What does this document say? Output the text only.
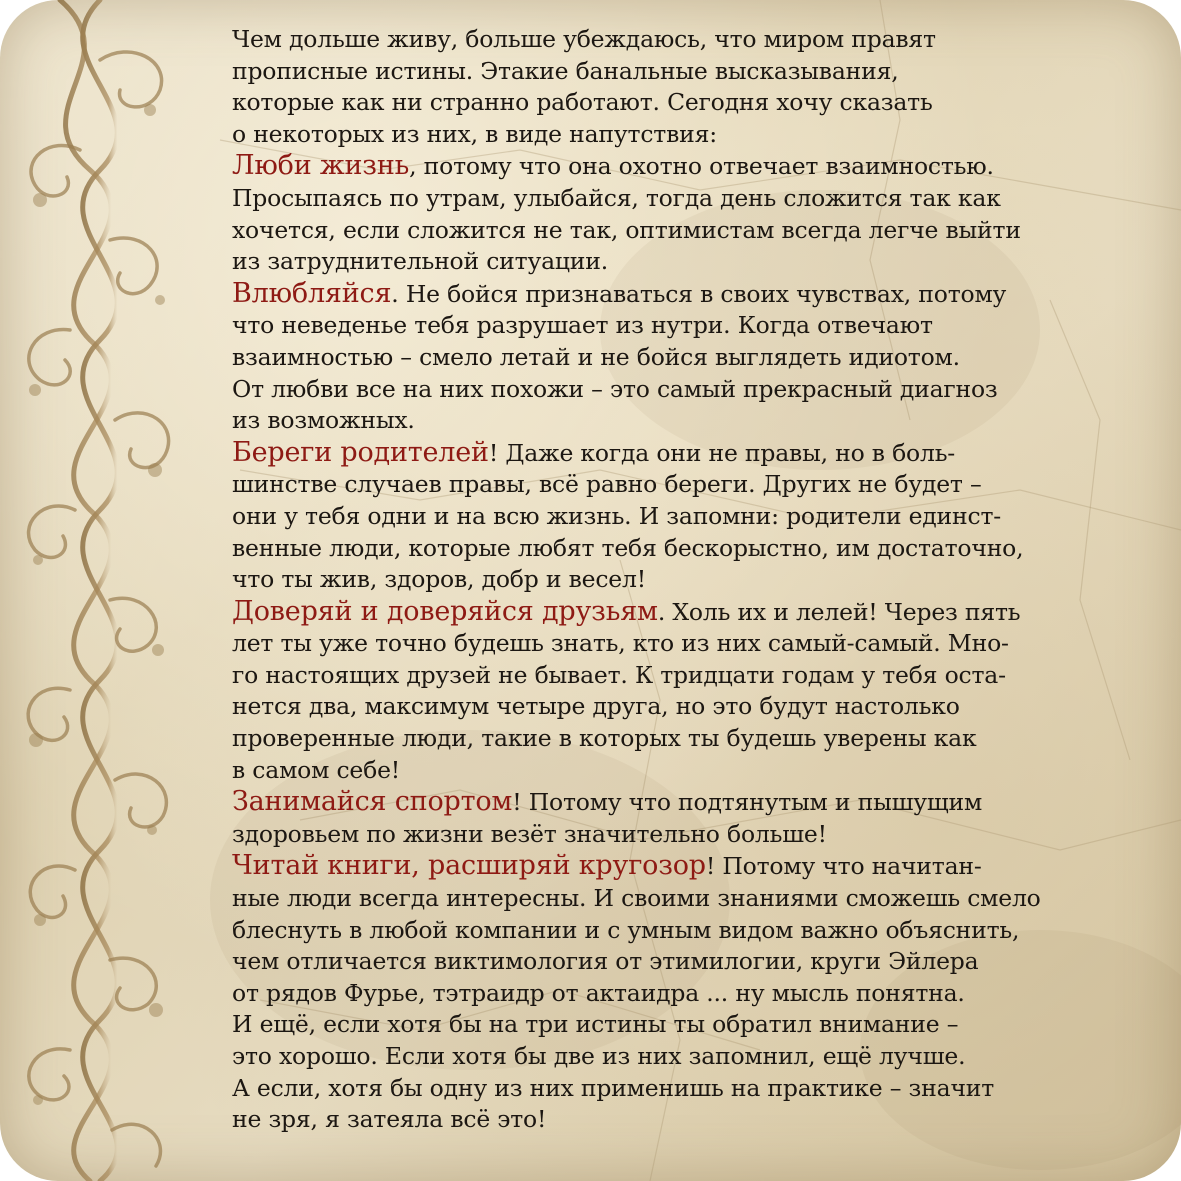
Чем дольше живу, больше убеждаюсь, что миром правят
прописные истины. Этакие банальные высказывания,
которые как ни странно работают. Сегодня хочу сказать
о некоторых из них, в виде напутствия:
Люби жизнь, потому что она охотно отвечает взаимностью.
Просыпаясь по утрам, улыбайся, тогда день сложится так как
хочется, если сложится не так, оптимистам всегда легче выйти
из затруднительной ситуации.
Влюбляйся. Не бойся признаваться в своих чувствах, потому
что неведенье тебя разрушает из нутри. Когда отвечают
взаимностью – смело летай и не бойся выглядеть идиотом.
От любви все на них похожи – это самый прекрасный диагноз
из возможных.
Береги родителей! Даже когда они не правы, но в боль-
шинстве случаев правы, всё равно береги. Других не будет –
они у тебя одни и на всю жизнь. И запомни: родители единст-
венные люди, которые любят тебя бескорыстно, им достаточно,
что ты жив, здоров, добр и весел!
Доверяй и доверяйся друзьям. Холь их и лелей! Через пять
лет ты уже точно будешь знать, кто из них самый-самый. Мно-
го настоящих друзей не бывает. К тридцати годам у тебя оста-
нется два, максимум четыре друга, но это будут настолько
проверенные люди, такие в которых ты будешь уверены как
в самом себе!
Занимайся спортом! Потому что подтянутым и пышущим
здоровьем по жизни везёт значительно больше!
Читай книги, расширяй кругозор! Потому что начитан-
ные люди всегда интересны. И своими знаниями сможешь смело
блеснуть в любой компании и с умным видом важно объяснить,
чем отличается виктимология от этимилогии, круги Эйлера
от рядов Фурье, тэтраидр от актаидра ... ну мысль понятна.
И ещё, если хотя бы на три истины ты обратил внимание –
это хорошо. Если хотя бы две из них запомнил, ещё лучше.
А если, хотя бы одну из них применишь на практике – значит
не зря, я затеяла всё это!
